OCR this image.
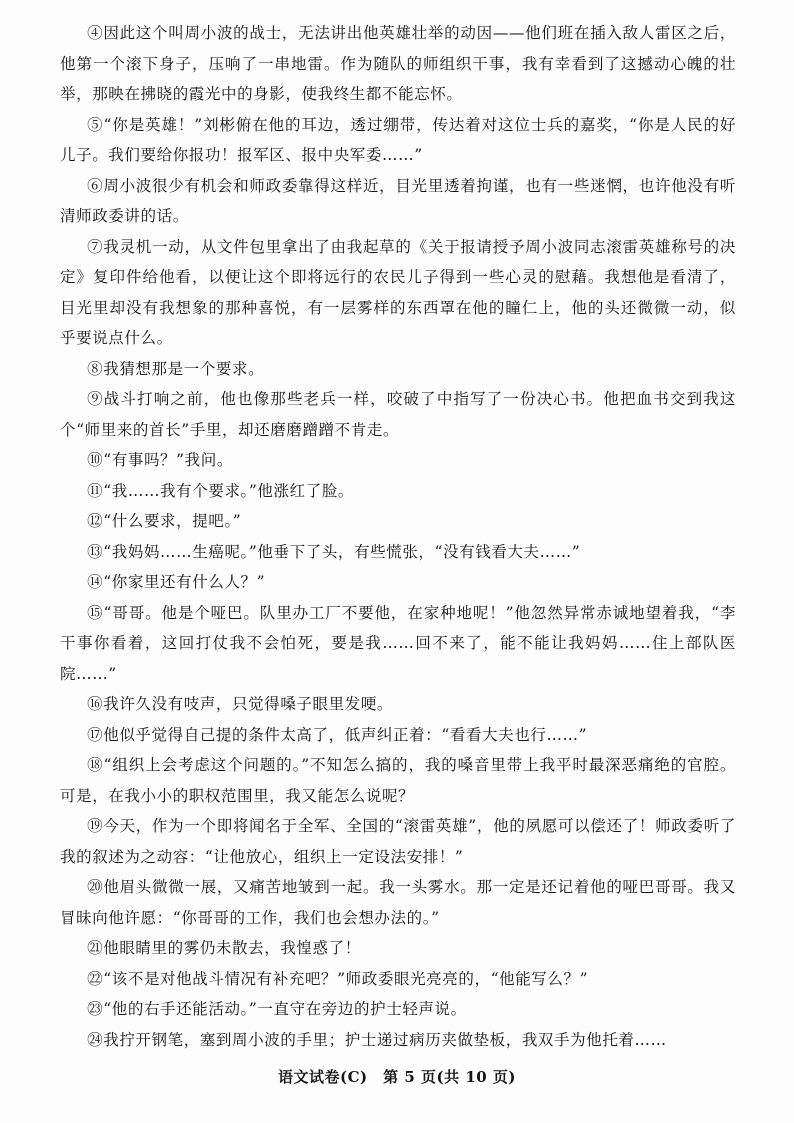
④因此这个叫周小波的战士，无法讲出他英雄壮举的动因——他们班在插入敌人雷区之后，他第一个滚下身子，压响了一串地雷。作为随队的师组织干事，我有幸看到了这撼动心魄的壮举，那映在拂晓的霞光中的身影，使我终生都不能忘怀。

⑤“你是英雄！”刘彬俯在他的耳边，透过绷带，传达着对这位士兵的嘉奖，“你是人民的好儿子。我们要给你报功！报军区、报中央军委……”

⑥周小波很少有机会和师政委靠得这样近，目光里透着拘谨，也有一些迷惘，也许他没有听清师政委讲的话。

⑦我灵机一动，从文件包里拿出了由我起草的《关于报请授予周小波同志滚雷英雄称号的决定》复印件给他看，以便让这个即将远行的农民儿子得到一些心灵的慰藉。我想他是看清了，目光里却没有我想象的那种喜悦，有一层雾样的东西罩在他的瞳仁上，他的头还微微一动，似乎要说点什么。

⑧我猜想那是一个要求。

⑨战斗打响之前，他也像那些老兵一样，咬破了中指写了一份决心书。他把血书交到我这个“师里来的首长”手里，却还磨磨蹭蹭不肯走。

⑩“有事吗？”我问。

⑪“我……我有个要求。”他涨红了脸。

⑫“什么要求，提吧。”

⑬“我妈妈……生癌呢。”他垂下了头，有些慌张，“没有钱看大夫……”

⑭“你家里还有什么人？”

⑮“哥哥。他是个哑巴。队里办工厂不要他，在家种地呢！”他忽然异常赤诚地望着我，“李干事你看着，这回打仗我不会怕死，要是我……回不来了，能不能让我妈妈……住上部队医院……”

⑯我许久没有吱声，只觉得嗓子眼里发哽。

⑰他似乎觉得自己提的条件太高了，低声纠正着：“看看大夫也行……”

⑱“组织上会考虑这个问题的。”不知怎么搞的，我的嗓音里带上我平时最深恶痛绝的官腔。可是，在我小小的职权范围里，我又能怎么说呢？

⑲今天，作为一个即将闻名于全军、全国的“滚雷英雄”，他的夙愿可以偿还了！师政委听了我的叙述为之动容：“让他放心，组织上一定设法安排！”

⑳他眉头微微一展，又痛苦地皱到一起。我一头雾水。那一定是还记着他的哑巴哥哥。我又冒昧向他许愿：“你哥哥的工作，我们也会想办法的。”

㉑他眼睛里的雾仍未散去，我惶惑了！

㉒“该不是对他战斗情况有补充吧？”师政委眼光亮亮的，“他能写么？”

㉓“他的右手还能活动。”一直守在旁边的护士轻声说。

㉔我拧开钢笔，塞到周小波的手里；护士递过病历夹做垫板，我双手为他托着……

语文试卷(C)　第 5 页(共 10 页)
